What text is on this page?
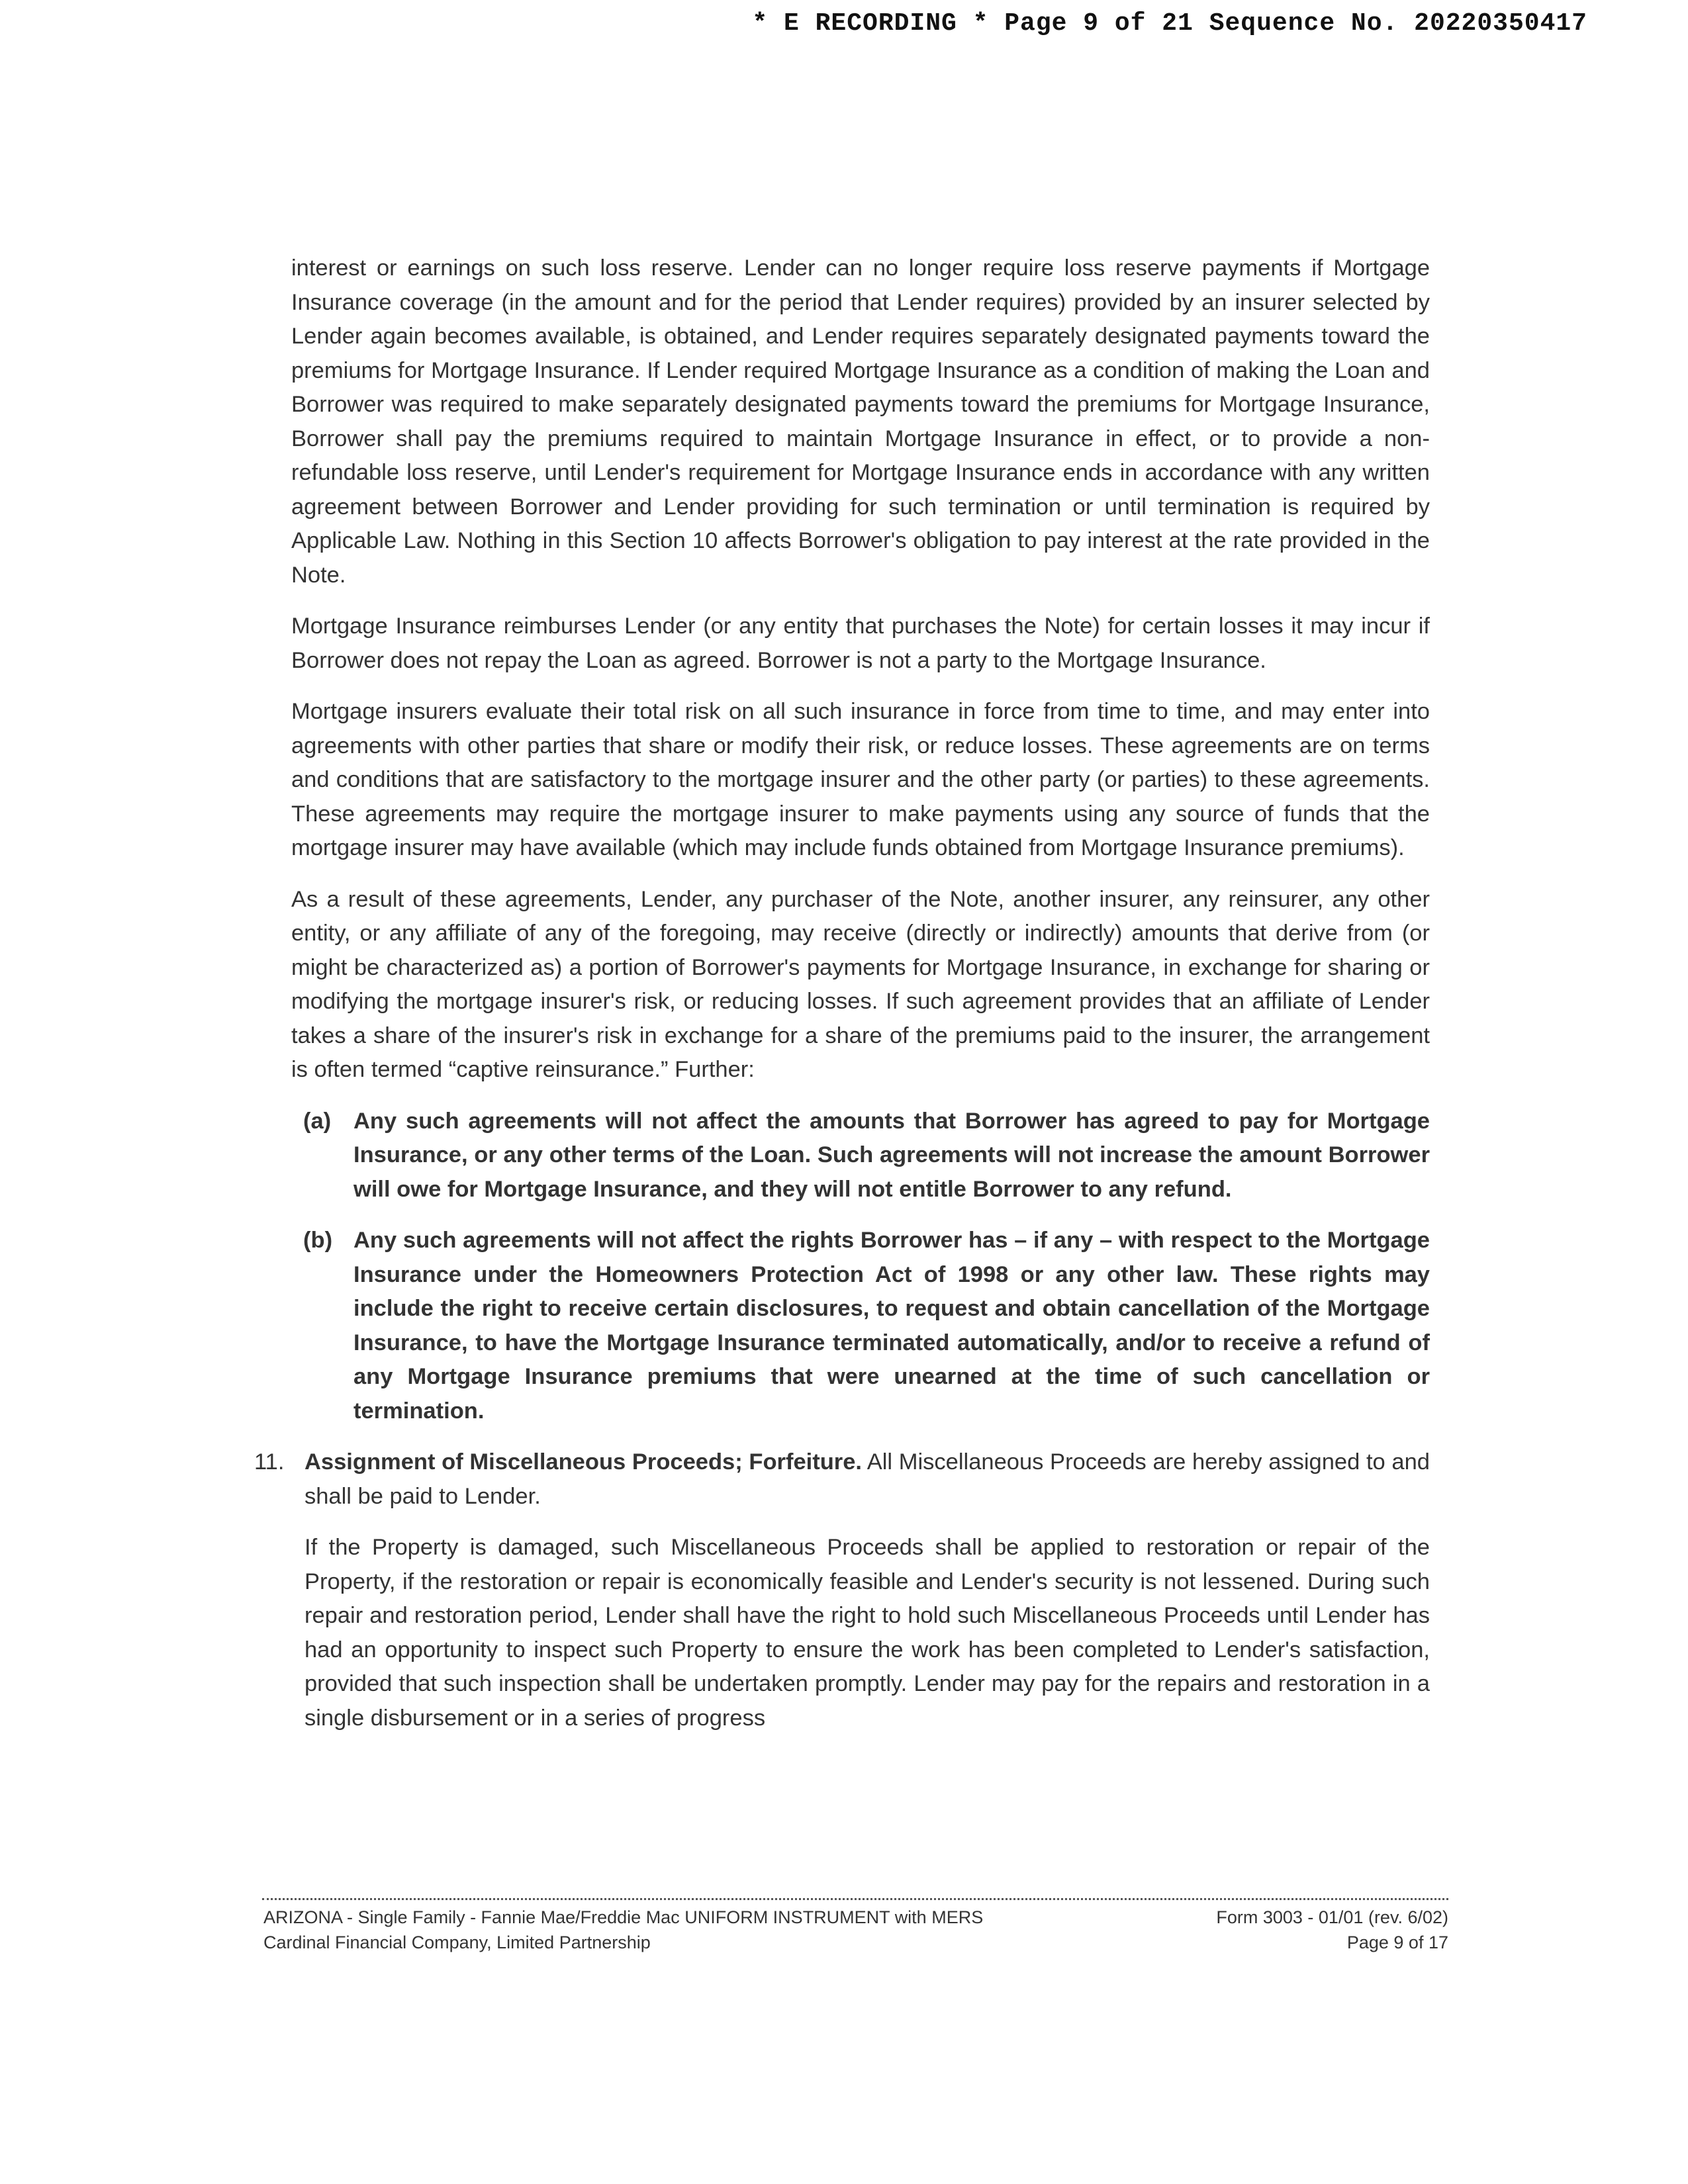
* E RECORDING * Page 9 of 21 Sequence No. 20220350417

interest or earnings on such loss reserve. Lender can no longer require loss reserve payments if Mortgage Insurance coverage (in the amount and for the period that Lender requires) provided by an insurer selected by Lender again becomes available, is obtained, and Lender requires separately designated payments toward the premiums for Mortgage Insurance. If Lender required Mortgage Insurance as a condition of making the Loan and Borrower was required to make separately designated payments toward the premiums for Mortgage Insurance, Borrower shall pay the premiums required to maintain Mortgage Insurance in effect, or to provide a non-refundable loss reserve, until Lender's requirement for Mortgage Insurance ends in accordance with any written agreement between Borrower and Lender providing for such termination or until termination is required by Applicable Law. Nothing in this Section 10 affects Borrower's obligation to pay interest at the rate provided in the Note.

Mortgage Insurance reimburses Lender (or any entity that purchases the Note) for certain losses it may incur if Borrower does not repay the Loan as agreed. Borrower is not a party to the Mortgage Insurance.

Mortgage insurers evaluate their total risk on all such insurance in force from time to time, and may enter into agreements with other parties that share or modify their risk, or reduce losses. These agreements are on terms and conditions that are satisfactory to the mortgage insurer and the other party (or parties) to these agreements. These agreements may require the mortgage insurer to make payments using any source of funds that the mortgage insurer may have available (which may include funds obtained from Mortgage Insurance premiums).

As a result of these agreements, Lender, any purchaser of the Note, another insurer, any reinsurer, any other entity, or any affiliate of any of the foregoing, may receive (directly or indirectly) amounts that derive from (or might be characterized as) a portion of Borrower's payments for Mortgage Insurance, in exchange for sharing or modifying the mortgage insurer's risk, or reducing losses. If such agreement provides that an affiliate of Lender takes a share of the insurer's risk in exchange for a share of the premiums paid to the insurer, the arrangement is often termed “captive reinsurance.” Further:

(a) Any such agreements will not affect the amounts that Borrower has agreed to pay for Mortgage Insurance, or any other terms of the Loan. Such agreements will not increase the amount Borrower will owe for Mortgage Insurance, and they will not entitle Borrower to any refund.
(b) Any such agreements will not affect the rights Borrower has – if any – with respect to the Mortgage Insurance under the Homeowners Protection Act of 1998 or any other law. These rights may include the right to receive certain disclosures, to request and obtain cancellation of the Mortgage Insurance, to have the Mortgage Insurance terminated automatically, and/or to receive a refund of any Mortgage Insurance premiums that were unearned at the time of such cancellation or termination.
11. Assignment of Miscellaneous Proceeds; Forfeiture. All Miscellaneous Proceeds are hereby assigned to and shall be paid to Lender.

If the Property is damaged, such Miscellaneous Proceeds shall be applied to restoration or repair of the Property, if the restoration or repair is economically feasible and Lender's security is not lessened. During such repair and restoration period, Lender shall have the right to hold such Miscellaneous Proceeds until Lender has had an opportunity to inspect such Property to ensure the work has been completed to Lender's satisfaction, provided that such inspection shall be undertaken promptly. Lender may pay for the repairs and restoration in a single disbursement or in a series of progress

ARIZONA - Single Family - Fannie Mae/Freddie Mac UNIFORM INSTRUMENT with MERS
Cardinal Financial Company, Limited Partnership
Form 3003 - 01/01 (rev. 6/02)
Page 9 of 17
